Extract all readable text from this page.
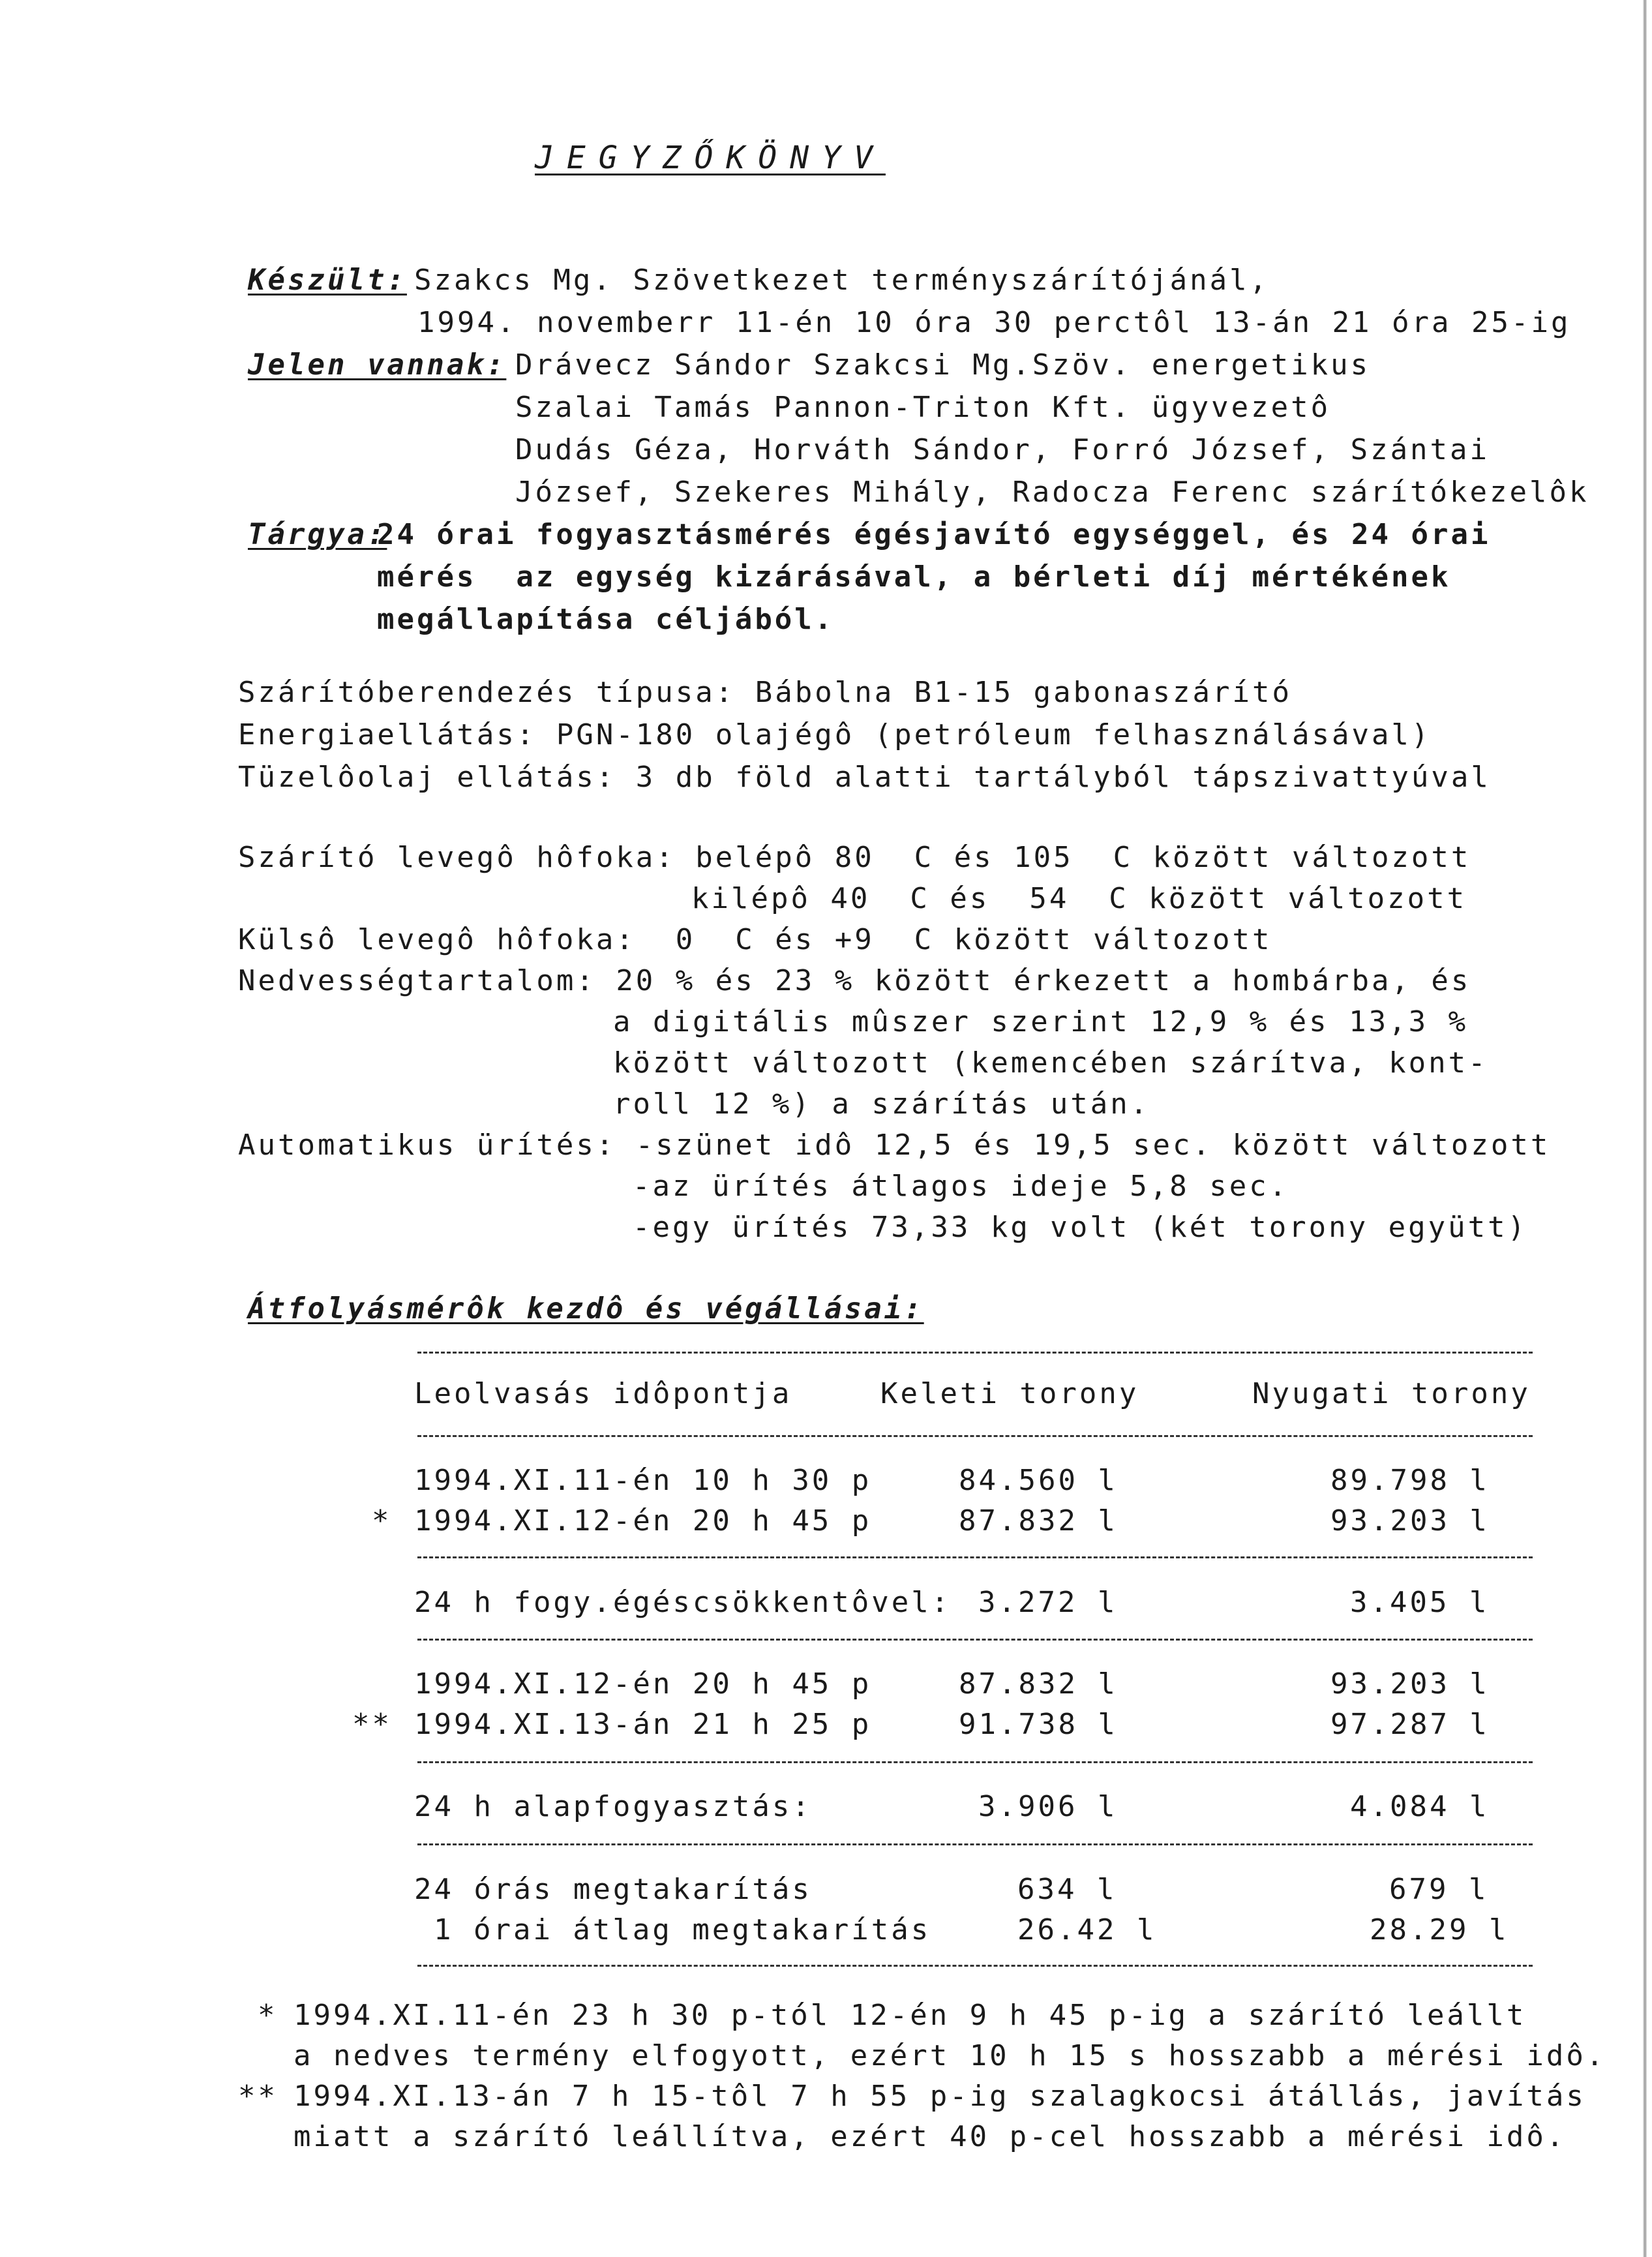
JEGYZŐKÖNYV
Készült: Szakcs Mg. Szövetkezet terményszárítójánál,
1994. novemberr 11-én 10 óra 30 perctôl 13-án 21 óra 25-ig
Jelen vannak: Drávecz Sándor Szakcsi Mg.Szöv. energetikus
Szalai Tamás Pannon-Triton Kft. ügyvezetô
Dudás Géza, Horváth Sándor, Forró József, Szántai
József, Szekeres Mihály, Radocza Ferenc szárítókezelôk
Tárgya:
24 órai fogyasztásmérés égésjavító egységgel, és 24 órai
mérés  az egység kizárásával, a bérleti díj mértékének
megállapítása céljából.
Szárítóberendezés típusa: Bábolna B1-15 gabonaszárító
Energiaellátás: PGN-180 olajégô (petróleum felhasználásával)
Tüzelôolaj ellátás: 3 db föld alatti tartályból tápszivattyúval
Szárító levegô hôfoka: belépô 80  C és 105  C között változott
kilépô 40  C és  54  C között változott
Külsô levegô hôfoka:  0  C és +9  C között változott
Nedvességtartalom: 20 % és 23 % között érkezett a hombárba, és
a digitális mûszer szerint 12,9 % és 13,3 %
között változott (kemencében szárítva, kont-
roll 12 %) a szárítás után.
Automatikus ürítés: -szünet idô 12,5 és 19,5 sec. között változott
-az ürítés átlagos ideje 5,8 sec.
-egy ürítés 73,33 kg volt (két torony együtt)
Átfolyásmérôk kezdô és végállásai:
Leolvasás idôpontja	Keleti torony	Nyugati torony
1994.XI.11-én 10 h 30 p	84.560 l	89.798 l
* 1994.XI.12-én 20 h 45 p	87.832 l	93.203 l
24 h fogy.égéscsökkentôvel: 3.272 l	3.405 l
1994.XI.12-én 20 h 45 p	87.832 l	93.203 l
** 1994.XI.13-án 21 h 25 p	91.738 l	97.287 l
24 h alapfogyasztás:	3.906 l	4.084 l
24 órás megtakarítás	634 l	679 l
1 órai átlag megtakarítás	26.42 l	28.29 l
* 1994.XI.11-én 23 h 30 p-tól 12-én 9 h 45 p-ig a szárító leállt
a nedves termény elfogyott, ezért 10 h 15 s hosszabb a mérési idô.
** 1994.XI.13-án 7 h 15-tôl 7 h 55 p-ig szalagkocsi átállás, javítás
miatt a szárító leállítva, ezért 40 p-cel hosszabb a mérési idô.
